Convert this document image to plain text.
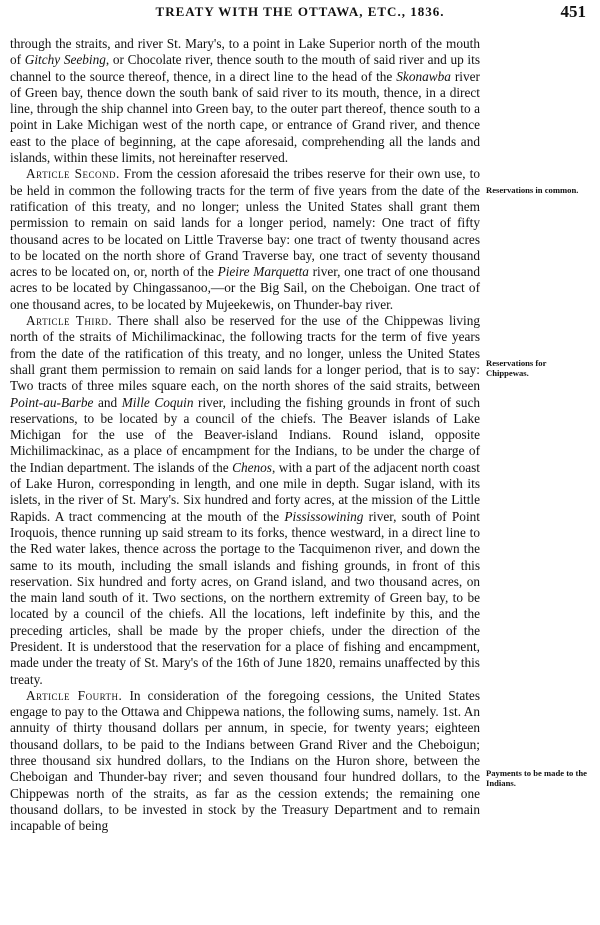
TREATY WITH THE OTTAWA, ETC., 1836.	451

through the straits, and river St. Mary's, to a point in Lake Superior north of the mouth of Gitchy Seebing, or Chocolate river, thence south to the mouth of said river and up its channel to the source thereof, thence, in a direct line to the head of the Skonawba river of Green bay, thence down the south bank of said river to its mouth, thence, in a direct line, through the ship channel into Green bay, to the outer part thereof, thence south to a point in Lake Michigan west of the north cape, or entrance of Grand river, and thence east to the place of beginning, at the cape aforesaid, comprehending all the lands and islands, within these limits, not hereinafter reserved.

Article Second. From the cession aforesaid the tribes reserve for their own use, to be held in common the following tracts for the term of five years from the date of the ratification of this treaty, and no longer; unless the United States shall grant them permission to remain on said lands for a longer period, namely: One tract of fifty thousand acres to be located on Little Traverse bay: one tract of twenty thousand acres to be located on the north shore of Grand Traverse bay, one tract of seventy thousand acres to be located on, or, north of the Pieire Marquetta river, one tract of one thousand acres to be located by Chingassanoo,—or the Big Sail, on the Cheboigan. One tract of one thousand acres, to be located by Mujeekewis, on Thunder-bay river.

Article Third. There shall also be reserved for the use of the Chippewas living north of the straits of Michilimackinac, the following tracts for the term of five years from the date of the ratification of this treaty, and no longer, unless the United States shall grant them permission to remain on said lands for a longer period, that is to say: Two tracts of three miles square each, on the north shores of the said straits, between Point-au-Barbe and Mille Coquin river, including the fishing grounds in front of such reservations, to be located by a council of the chiefs. The Beaver islands of Lake Michigan for the use of the Beaver-island Indians. Round island, opposite Michilimackinac, as a place of encampment for the Indians, to be under the charge of the Indian department. The islands of the Chenos, with a part of the adjacent north coast of Lake Huron, corresponding in length, and one mile in depth. Sugar island, with its islets, in the river of St. Mary's. Six hundred and forty acres, at the mission of the Little Rapids. A tract commencing at the mouth of the Pississowining river, south of Point Iroquois, thence running up said stream to its forks, thence westward, in a direct line to the Red water lakes, thence across the portage to the Tacquimenon river, and down the same to its mouth, including the small islands and fishing grounds, in front of this reservation. Six hundred and forty acres, on Grand island, and two thousand acres, on the main land south of it. Two sections, on the northern extremity of Green bay, to be located by a council of the chiefs. All the locations, left indefinite by this, and the preceding articles, shall be made by the proper chiefs, under the direction of the President. It is understood that the reservation for a place of fishing and encampment, made under the treaty of St. Mary's of the 16th of June 1820, remains unaffected by this treaty.

Article Fourth. In consideration of the foregoing cessions, the United States engage to pay to the Ottawa and Chippewa nations, the following sums, namely. 1st. An annuity of thirty thousand dollars per annum, in specie, for twenty years; eighteen thousand dollars, to be paid to the Indians between Grand River and the Cheboigun; three thousand six hundred dollars, to the Indians on the Huron shore, between the Cheboigan and Thunder-bay river; and seven thousand four hundred dollars, to the Chippewas north of the straits, as far as the cession extends; the remaining one thousand dollars, to be invested in stock by the Treasury Department and to remain incapable of being

Reservations in common.
Reservations for Chippewas.
Payments to be made to the Indians.
